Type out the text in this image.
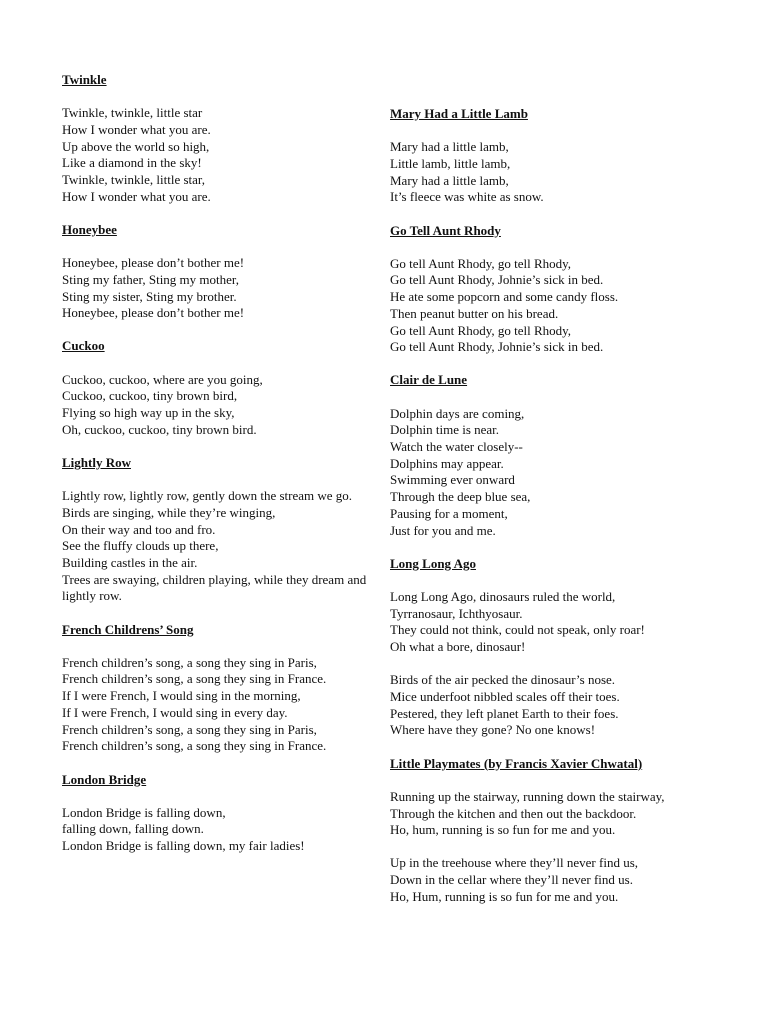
Twinkle
Twinkle, twinkle, little star
How I wonder what you are.
Up above the world so high,
Like a diamond in the sky!
Twinkle, twinkle, little star,
How I wonder what you are.
Honeybee
Honeybee, please don’t bother me!
Sting my father, Sting my mother,
Sting my sister, Sting my brother.
Honeybee, please don’t bother me!
Cuckoo
Cuckoo, cuckoo, where are you going,
Cuckoo, cuckoo, tiny brown bird,
Flying so high way up in the sky,
Oh, cuckoo, cuckoo, tiny brown bird.
Lightly Row
Lightly row, lightly row, gently down the stream we go.
Birds are singing, while they’re winging,
On their way and too and fro.
See the fluffy clouds up there,
Building castles in the air.
Trees are swaying, children playing, while they dream and lightly row.
French Childrens’ Song
French children’s song, a song they sing in Paris,
French children’s song, a song they sing in France.
If I were French, I would sing in the morning,
If I were French, I would sing in every day.
French children’s song, a song they sing in Paris,
French children’s song, a song they sing in France.
London Bridge
London Bridge is falling down,
falling down, falling down.
London Bridge is falling down, my fair ladies!
Mary Had a Little Lamb
Mary had a little lamb,
Little lamb, little lamb,
Mary had a little lamb,
It’s fleece was white as snow.
Go Tell Aunt Rhody
Go tell Aunt Rhody, go tell Rhody,
Go tell Aunt Rhody, Johnie’s sick in bed.
He ate some popcorn and some candy floss.
Then peanut butter on his bread.
Go tell Aunt Rhody, go tell Rhody,
Go tell Aunt Rhody, Johnie’s sick in bed.
Clair de Lune
Dolphin days are coming,
Dolphin time is near.
Watch the water closely--
Dolphins may appear.
Swimming ever onward
Through the deep blue sea,
Pausing for a moment,
Just for you and me.
Long Long Ago
Long Long Ago, dinosaurs ruled the world,
Tyrranosaur, Ichthyosaur.
They could not think, could not speak, only roar!
Oh what a bore, dinosaur!
Birds of the air pecked the dinosaur’s nose.
Mice underfoot nibbled scales off their toes.
Pestered, they left planet Earth to their foes.
Where have they gone? No one knows!
Little Playmates (by Francis Xavier Chwatal)
Running up the stairway, running down the stairway,
Through the kitchen and then out the backdoor.
Ho, hum, running is so fun for me and you.
Up in the treehouse where they’ll never find us,
Down in the cellar where they’ll never find us.
Ho, Hum, running is so fun for me and you.
